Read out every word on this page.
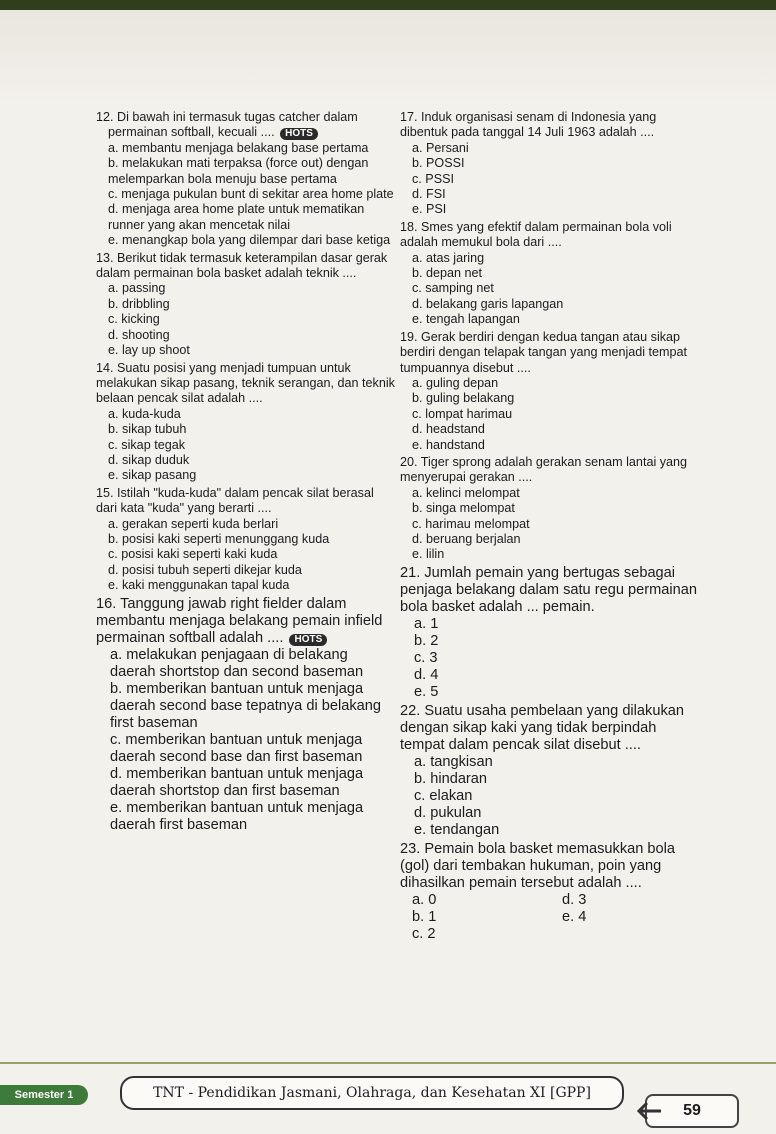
12. Di bawah ini termasuk tugas catcher dalam
permainan softball, kecuali .... HOTS
a. membantu menjaga belakang base pertama
b. melakukan mati terpaksa (force out) dengan melemparkan bola menuju base pertama
c. menjaga pukulan bunt di sekitar area home plate
d. menjaga area home plate untuk mematikan runner yang akan mencetak nilai
e. menangkap bola yang dilempar dari base ketiga
13. Berikut tidak termasuk keterampilan dasar gerak dalam permainan bola basket adalah teknik ....
a. passing
b. dribbling
c. kicking
d. shooting
e. lay up shoot
14. Suatu posisi yang menjadi tumpuan untuk melakukan sikap pasang, teknik serangan, dan teknik belaan pencak silat adalah ....
a. kuda-kuda
b. sikap tubuh
c. sikap tegak
d. sikap duduk
e. sikap pasang
15. Istilah "kuda-kuda" dalam pencak silat berasal dari kata "kuda" yang berarti ....
a. gerakan seperti kuda berlari
b. posisi kaki seperti menunggang kuda
c. posisi kaki seperti kaki kuda
d. posisi tubuh seperti dikejar kuda
e. kaki menggunakan tapal kuda
16. Tanggung jawab right fielder dalam membantu menjaga belakang pemain infield permainan softball adalah .... HOTS
a. melakukan penjagaan di belakang daerah shortstop dan second baseman
b. memberikan bantuan untuk menjaga daerah second base tepatnya di belakang first baseman
c. memberikan bantuan untuk menjaga daerah second base dan first baseman
d. memberikan bantuan untuk menjaga daerah shortstop dan first baseman
e. memberikan bantuan untuk menjaga daerah first baseman
17. Induk organisasi senam di Indonesia yang dibentuk pada tanggal 14 Juli 1963 adalah ....
a. Persani
b. POSSI
c. PSSI
d. FSI
e. PSI
18. Smes yang efektif dalam permainan bola voli adalah memukul bola dari ....
a. atas jaring
b. depan net
c. samping net
d. belakang garis lapangan
e. tengah lapangan
19. Gerak berdiri dengan kedua tangan atau sikap berdiri dengan telapak tangan yang menjadi tempat tumpuannya disebut ....
a. guling depan
b. guling belakang
c. lompat harimau
d. headstand
e. handstand
20. Tiger sprong adalah gerakan senam lantai yang menyerupai gerakan ....
a. kelinci melompat
b. singa melompat
c. harimau melompat
d. beruang berjalan
e. lilin
21. Jumlah pemain yang bertugas sebagai penjaga belakang dalam satu regu permainan bola basket adalah ... pemain.
a. 1
b. 2
c. 3
d. 4
e. 5
22. Suatu usaha pembelaan yang dilakukan dengan sikap kaki yang tidak berpindah tempat dalam pencak silat disebut ....
a. tangkisan
b. hindaran
c. elakan
d. pukulan
e. tendangan
23. Pemain bola basket memasukkan bola (gol) dari tembakan hukuman, poin yang dihasilkan pemain tersebut adalah ....
a. 0	d. 3
b. 1	e. 4
c. 2
Semester 1	TNT - Pendidikan Jasmani, Olahraga, dan Kesehatan XI [GPP]
59
